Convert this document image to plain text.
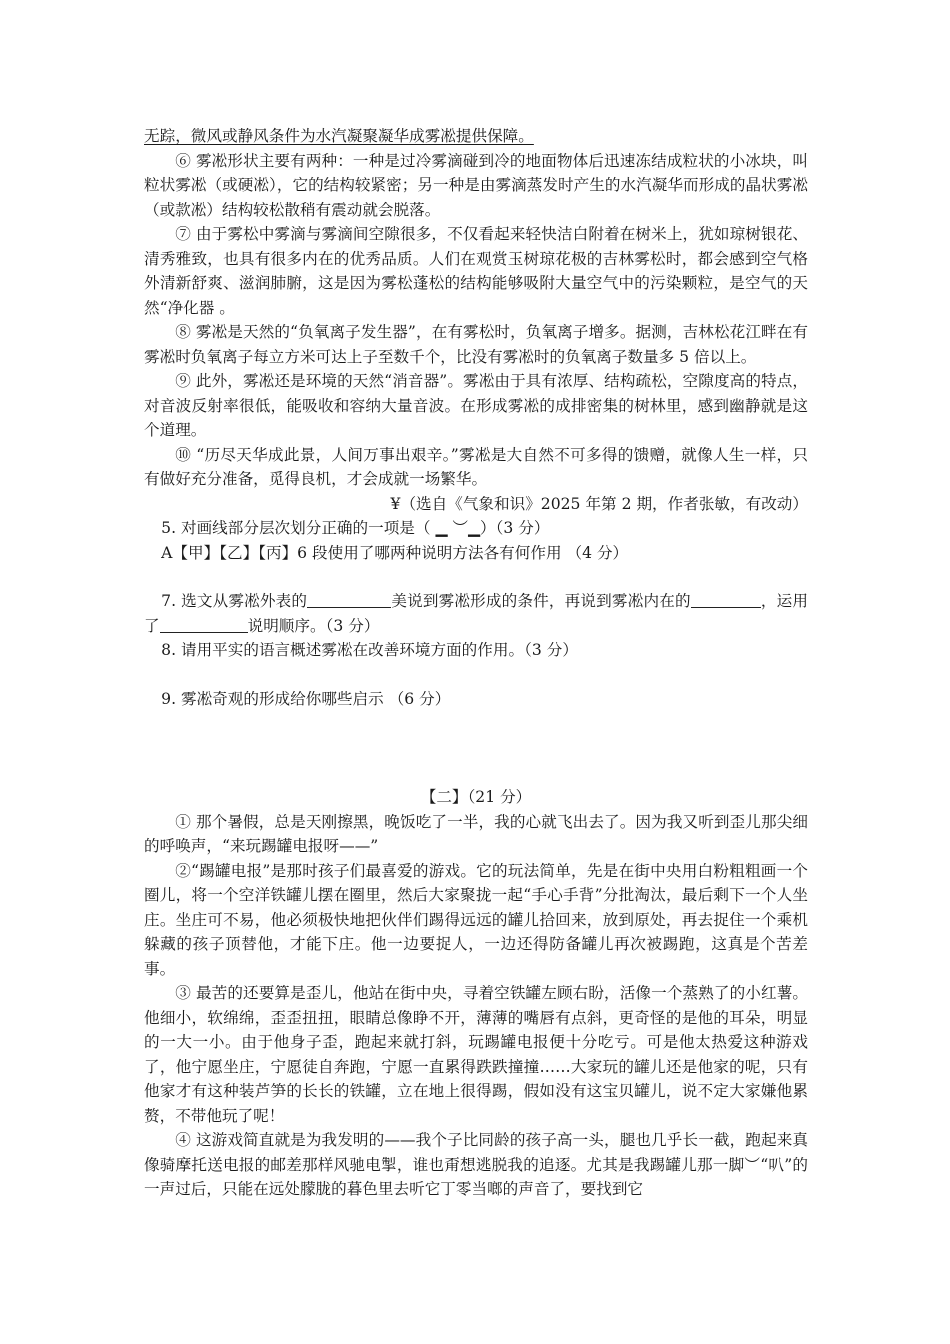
无踪，微风或静风条件为水汽凝聚凝华成雾凇提供保障。

⑥ 雾凇形状主要有两种：一种是过冷雾滴碰到冷的地面物体后迅速冻结成粒状的小冰块，叫粒状雾凇（或硬凇），它的结构较紧密；另一种是由雾滴蒸发时产生的水汽凝华而形成的晶状雾凇（或款凇）结构较松散稍有震动就会脱落。

⑦ 由于雾松中雾滴与雾滴间空隙很多，不仅看起来轻快洁白附着在树米上，犹如琼树银花、清秀雅致，也具有很多内在的优秀品质。人们在观赏玉树琼花极的吉林雾松时，都会感到空气格外清新舒爽、滋润肺腑，这是因为雾松蓬松的结构能够吸附大量空气中的污染颗粒，是空气的天然“净化器 。

⑧ 雾凇是天然的“负氧离子发生器”，在有雾松时，负氧离子增多。据测，吉林松花江畔在有雾凇时负氧离子每立方米可达上子至数千个，比没有雾凇时的负氧离子数量多 5 倍以上。

⑨ 此外，雾凇还是环境的天然“消音器”。雾凇由于具有浓厚、结构疏松，空隙度高的特点，对音波反射率很低，能吸收和容纳大量音波。在形成雾凇的成排密集的树林里，感到幽静就是这个道理。

⑩ “历尽天华成此景，人间万事出艰辛。”雾凇是大自然不可多得的馈赠，就像人生一样，只有做好充分准备，觅得良机，才会成就一场繁华。

¥（选自《气象和识》2025 年第 2 期，作者张敏，有改动）

5. 对画线部分层次划分正确的一项是（ ▁ ︶▁）（3 分）

A【甲】【乙】【丙】6 段使用了哪两种说明方法各有何作用 （4 分）

7. 选文从雾凇外表的	美说到雾凇形成的条件，再说到雾凇内在的	，运用了	说明顺序。（3 分）

8. 请用平实的语言概述雾凇在改善环境方面的作用。（3 分）

9. 雾凇奇观的形成给你哪些启示 （6 分）

【二】（21 分）

① 那个暑假，总是天刚擦黑，晚饭吃了一半，我的心就飞出去了。因为我又听到歪儿那尖细的呼唤声，“来玩踢罐电报呀——”

②“踢罐电报”是那时孩子们最喜爱的游戏。它的玩法简单，先是在街中央用白粉粗粗画一个圈儿，将一个空洋铁罐儿摆在圈里，然后大家聚拢一起“手心手背”分批淘汰，最后剩下一个人坐庄。坐庄可不易，他必须极快地把伙伴们踢得远远的罐儿拾回来，放到原处，再去捉住一个乘机躲藏的孩子顶替他，才能下庄。他一边要捉人，一边还得防备罐儿再次被踢跑，这真是个苦差事。

③ 最苦的还要算是歪儿，他站在街中央，寻着空铁罐左顾右盼，活像一个蒸熟了的小红薯。他细小，软绵绵，歪歪扭扭，眼睛总像睁不开，薄薄的嘴唇有点斜，更奇怪的是他的耳朵，明显的一大一小。由于他身子歪，跑起来就打斜，玩踢罐电报便十分吃亏。可是他太热爱这种游戏了，他宁愿坐庄，宁愿徒自奔跑，宁愿一直累得跌跌撞撞……大家玩的罐儿还是他家的呢，只有他家才有这种装芦笋的长长的铁罐，立在地上很得踢，假如没有这宝贝罐儿，说不定大家嫌他累赘，不带他玩了呢！

④ 这游戏简直就是为我发明的——我个子比同龄的孩子高一头，腿也几乎长一截，跑起来真像骑摩托送电报的邮差那样风驰电掣，谁也甭想逃脱我的追逐。尤其是我踢罐儿那一脚︶“叭”的一声过后，只能在远处朦胧的暮色里去听它丁零当啷的声音了，要找到它
